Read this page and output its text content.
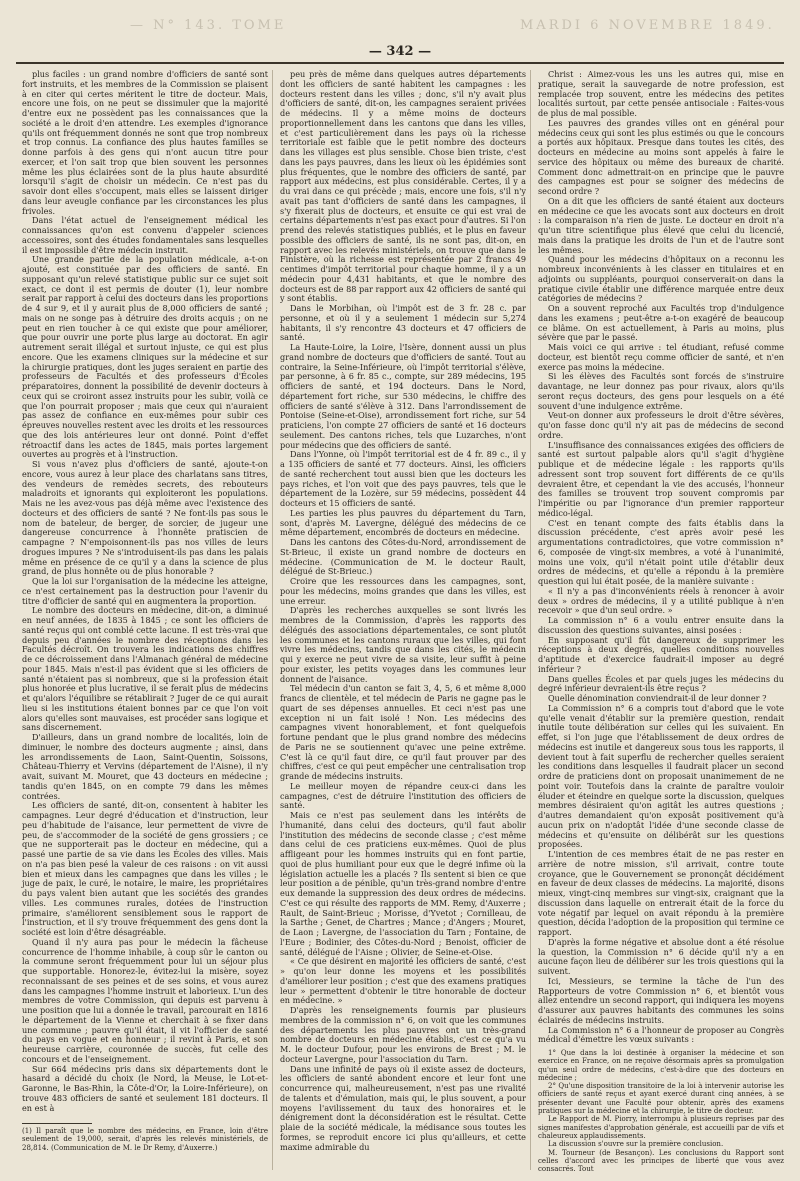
— N° 143. TOME	MARDI 6 NOVEMBRE 1849.
— 342 —

plus faciles : un grand nombre d'officiers de santé sont fort instruits, et les membres de la Commission se plaisent à en citer qui certes méritent le titre de docteur. Mais, encore une fois, on ne peut se dissimuler que la majorité d'entre eux ne possèdent pas les connaissances que la société a le droit d'en attendre. Les exemples d'ignorance qu'ils ont fréquemment donnés ne sont que trop nombreux et trop connus. La confiance des plus hautes familles se donne parfois à des gens qui n'ont aucun titre pour exercer, et l'on sait trop que bien souvent les personnes même les plus éclairées sont de la plus haute absurdité lorsqu'il s'agit de choisir un médecin. Ce n'est pas du savoir dont elles s'occupent, mais elles se laissent diriger dans leur aveugle confiance par les circonstances les plus frivoles.

Dans l'état actuel de l'enseignement médical les connaissances qu'on est convenu d'appeler sciences accessoires, sont des études fondamentales sans lesquelles il est impossible d'être médecin instruit.

Une grande partie de la population médicale, a-t-on ajouté, est constituée par des officiers de santé. En supposant qu'un relevé statistique public sur ce sujet soit exact, ce dont il est permis de douter (1), leur nombre serait par rapport à celui des docteurs dans les proportions de 4 sur 9, et il y aurait plus de 8,000 officiers de santé ; mais on ne songe pas à détruire des droits acquis ; on ne peut en rien toucher à ce qui existe que pour améliorer, que pour ouvrir une porte plus large au doctorat. En agir autrement serait illégal et surtout injuste, ce qui est plus encore. Que les examens cliniques sur la médecine et sur la chirurgie pratiques, dont les juges seraient en partie des professeurs de Facultés et des professeurs d'Écoles préparatoires, donnent la possibilité de devenir docteurs à ceux qui se croiront assez instruits pour les subir, voilà ce que l'on pourrait proposer ; mais que ceux qui n'auraient pas assez de confiance en eux-mêmes pour subir ces épreuves nouvelles restent avec les droits et les ressources que des lois antérieures leur ont donné. Point d'effet rétroactif dans les actes de 1845, mais portes largement ouvertes au progrès et à l'instruction.

Si vous n'avez plus d'officiers de santé, ajoute-t-on encore, vous aurez à leur place des charlatans sans titres, des vendeurs de remèdes secrets, des rebouteurs maladroits et ignorants qui exploiteront les populations. Mais ne les avez-vous pas déjà même avec l'existence des docteurs et des officiers de santé ? Ne font-ils pas sous le nom de bateleur, de berger, de sorcier, de jugeur une dangereuse concurrence à l'honnête pratiscien de campagne ? N'empoisonnent-ils pas nos villes de leurs drogues impures ? Ne s'introduisent-ils pas dans les palais même en présence de ce qu'il y a dans la science de plus grand, de plus honnête ou de plus honorable ?

Que la loi sur l'organisation de la médecine les atteigne, ce n'est certainement pas la destruction pour l'avenir du titre d'officier de santé qui en augmentera la proportion.

Le nombre des docteurs en médecine, dit-on, a diminué en neuf années, de 1835 à 1845 ; ce sont les officiers de santé reçus qui ont comblé cette lacune. Il est très-vrai que depuis peu d'années le nombre des réceptions dans les Facultés décroît. On trouvera les indications des chiffres de ce décroissement dans l'Almanach général de médecine pour 1845. Mais n'est-il pas évident que si les officiers de santé n'étaient pas si nombreux, que si la profession était plus honorée et plus lucrative, il se ferait plus de médecins et qu'alors l'équilibre se rétablirait ? Juger de ce qui aurait lieu si les institutions étaient bonnes par ce que l'on voit alors qu'elles sont mauvaises, est procéder sans logique et sans discernement.

D'ailleurs, dans un grand nombre de localités, loin de diminuer, le nombre des docteurs augmente ; ainsi, dans les arrondissements de Laon, Saint-Quentin, Soissons, Château-Thierry et Vervins (département de l'Aisne), il n'y avait, suivant M. Mouret, que 43 docteurs en médecine ; tandis qu'en 1845, on en compte 79 dans les mêmes contrées.

Les officiers de santé, dit-on, consentent à habiter les campagnes. Leur degré d'éducation et d'instruction, leur peu d'habitude de l'aisance, leur permettent de vivre de peu, de s'accommoder de la société de gens grossiers ; ce que ne supporterait pas le docteur en médecine, qui a passé une partie de sa vie dans les Écoles des villes. Mais on n'a pas bien pesé la valeur de ces raisons : on vit aussi bien et mieux dans les campagnes que dans les villes ; le juge de paix, le curé, le notaire, le maire, les propriétaires du pays valent bien autant que les sociétés des grandes villes. Les communes rurales, dotées de l'instruction primaire, s'améliorent sensiblement sous le rapport de l'instruction, et il s'y trouve fréquemment des gens dont la société est loin d'être désagréable.

Quand il n'y aura pas pour le médecin la fâcheuse concurrence de l'homme inhabile, à coup sûr le canton ou la commune seront fréquemment pour lui un séjour plus que supportable. Honorez-le, évitez-lui la misère, soyez reconnaissant de ses peines et de ses soins, et vous aurez dans les campagnes l'homme instruit et laborieux. L'un des membres de votre Commission, qui depuis est parvenu à une position que lui a donnée le travail, parcourait en 1816 le département de la Vienne et cherchait à se fixer dans une commune ; pauvre qu'il était, il vit l'officier de santé du pays en vogue et en honneur ; il revint à Paris, et son heureuse carrière, couronnée de succès, fut celle des concours et de l'enseignement.

Sur 664 médecins pris dans six départements dont le hasard a décidé du choix (le Nord, la Meuse, le Lot-et-Garonne, le Bas-Rhin, la Côte-d'Or, la Loire-Inférieure), on trouve 483 officiers de santé et seulement 181 docteurs. Il en est à

peu près de même dans quelques autres départements dont les officiers de santé habitent les campagnes : les docteurs restent dans les villes ; donc, s'il n'y avait plus d'officiers de santé, dit-on, les campagnes seraient privées de médecins. Il y a même moins de docteurs proportionnellement dans les cantons que dans les villes, et c'est particulièrement dans les pays où la richesse territoriale est faible que le petit nombre des docteurs dans les villages est plus sensible. Chose bien triste, c'est dans les pays pauvres, dans les lieux où les épidémies sont plus fréquentes, que le nombre des officiers de santé, par rapport aux médecins, est plus considérable. Certes, il y a du vrai dans ce qui précède ; mais, encore une fois, s'il n'y avait pas tant d'officiers de santé dans les campagnes, il s'y fixerait plus de docteurs, et ensuite ce qui est vrai de certains départements n'est pas exact pour d'autres. Si l'on prend des relevés statistiques publiés, et le plus en faveur possible des officiers de santé, ils ne sont pas, dit-on, en rapport avec les relevés ministériels, on trouve que dans le Finistère, où la richesse est représentée par 2 francs 49 centimes d'impôt territorial pour chaque homme, il y a un médecin pour 4,431 habitants, et que le nombre des docteurs est de 88 par rapport aux 42 officiers de santé qui y sont établis.

Dans le Morbihan, où l'impôt est de 3 fr. 28 c. par personne, et où il y a seulement 1 médecin sur 5,274 habitants, il s'y rencontre 43 docteurs et 47 officiers de santé.

La Haute-Loire, la Loire, l'Isère, donnent aussi un plus grand nombre de docteurs que d'officiers de santé. Tout au contraire, la Seine-Inférieure, où l'impôt territorial s'élève, par personne, à 6 fr. 85 c., compte, sur 289 médecins, 195 officiers de santé, et 194 docteurs. Dans le Nord, département fort riche, sur 530 médecins, le chiffre des officiers de santé s'élève à 312. Dans l'arrondissement de Pontoise (Seine-et-Oise), arrondissement fort riche, sur 54 praticiens, l'on compte 27 officiers de santé et 16 docteurs seulement. Des cantons riches, tels que Luzarches, n'ont pour médecins que des officiers de santé.

Dans l'Yonne, où l'impôt territorial est de 4 fr. 89 c., il y a 135 officiers de santé et 77 docteurs. Ainsi, les officiers de santé recherchent tout aussi bien que les docteurs les pays riches, et l'on voit que des pays pauvres, tels que le département de la Lozère, sur 59 médecins, possèdent 44 docteurs et 15 officiers de santé.

Les parties les plus pauvres du département du Tarn, sont, d'après M. Lavergne, délégué des médecins de ce même département, encombrés de docteurs en médecine.

Dans les cantons des Côtes-du-Nord, arrondissement de St-Brieuc, il existe un grand nombre de docteurs en médecine. (Communication de M. le docteur Rault, délégué de St-Brieuc.)

Croire que les ressources dans les campagnes, sont, pour les médecins, moins grandes que dans les villes, est une erreur.

D'après les recherches auxquelles se sont livrés les membres de la Commission, d'après les rapports des délégués des associations départementales, ce sont plutôt les communes et les cantons ruraux que les villes, qui font vivre les médecins, tandis que dans les cités, le médecin qui y exerce ne peut vivre de sa visite, leur suffit à peine pour exister, les petits voyages dans les communes leur donnent de l'aisance.

Tel médecin d'un canton se fait 3, 4, 5, 6 et même 8,000 francs de clientèle, et tel médecin de Paris ne gagne pas le quart de ses dépenses annuelles. Et ceci n'est pas une exception ni un fait isolé ! Non. Les médecins des campagnes vivent honorablement, et font quelquefois fortune pendant que le plus grand nombre des médecins de Paris ne se soutiennent qu'avec une peine extrême. C'est là ce qu'il faut dire, ce qu'il faut prouver par des chiffres, c'est ce qui peut empêcher une centralisation trop grande de médecins instruits.

Le meilleur moyen de répandre ceux-ci dans les campagnes, c'est de détruire l'institution des officiers de santé.

Mais ce n'est pas seulement dans les intérêts de l'humanité, dans celui des docteurs, qu'il faut abolir l'institution des médecins de seconde classe ; c'est même dans celui de ces praticiens eux-mêmes. Quoi de plus affligeant pour les hommes instruits qui en font partie, quoi de plus humiliant pour eux que le degré infime où la législation actuelle les a placés ? Ils sentent si bien ce que leur position a de pénible, qu'un très-grand nombre d'entre eux demande la suppression des deux ordres de médecins. C'est ce qui résulte des rapports de MM. Remy, d'Auxerre ; Rault, de Saint-Brieuc ; Morisse, d'Yvetot ; Cornilleau, de la Sarthe ; Genet, de Chartres ; Mance ; d'Angers ; Mouret, de Laon ; Lavergne, de l'association du Tarn ; Fontaine, de l'Eure ; Bodinier, des Côtes-du-Nord ; Benoist, officier de santé, délégué de l'Aisne ; Olivier, de Seine-et-Oise.

« Ce que désirent en majorité les officiers de santé, c'est » qu'on leur donne les moyens et les possibilités d'améliorer leur position ; c'est que des examens pratiques leur » permettent d'obtenir le titre honorable de docteur en médecine. »

D'après les renseignements fournis par plusieurs membres de la commission n° 6, on voit que les communes des départements les plus pauvres ont un très-grand nombre de docteurs en médecine établis, c'est ce qu'a vu M. le docteur Dufour, pour les environs de Brest ; M. le docteur Lavergne, pour l'association du Tarn.

Dans une infinité de pays où il existe assez de docteurs, les officiers de santé abondent encore et leur font une concurrence qui, malheureusement, n'est pas une rivalité de talents et d'émulation, mais qui, le plus souvent, a pour moyens l'avilissement du taux des honoraires et le dénigrement dont la déconsidération est le résultat. Cette plaie de la société médicale, la médisance sous toutes les formes, se reproduit encore ici plus qu'ailleurs, et cette maxime admirable du

Christ : Aimez-vous les uns les autres qui, mise en pratique, serait la sauvegarde de notre profession, est remplacée trop souvent, entre les médecins des petites localités surtout, par cette pensée antisociale : Faites-vous de plus de mal possible.

Les pauvres des grandes villes ont en général pour médecins ceux qui sont les plus estimés ou que le concours a portés aux hôpitaux. Presque dans toutes les cités, des docteurs en médecine au moins sont appelés à faire le service des hôpitaux ou même des bureaux de charité. Comment donc admettrait-on en principe que le pauvre des campagnes est pour se soigner des médecins de second ordre ?

On a dit que les officiers de santé étaient aux docteurs en médecine ce que les avocats sont aux docteurs en droit : la comparaison n'a rien de juste. Le docteur en droit n'a qu'un titre scientifique plus élevé que celui du licencié, mais dans la pratique les droits de l'un et de l'autre sont les mêmes.

Quand pour les médecins d'hôpitaux on a reconnu les nombreux inconvénients à les classer en titulaires et en adjoints ou suppléants, pourquoi conserverait-on dans la pratique civile établir une différence marquée entre deux catégories de médecins ?

On a souvent reproché aux Facultés trop d'indulgence dans les examens ; peut-être a-t-on exagéré de beaucoup ce blâme. On est actuellement, à Paris au moins, plus sévère que par le passé.

Mais voici ce qui arrive : tel étudiant, refusé comme docteur, est bientôt reçu comme officier de santé, et n'en exerce pas moins la médecine.

Si les élèves des Facultés sont forcés de s'instruire davantage, ne leur donnez pas pour rivaux, alors qu'ils seront reçus docteurs, des gens pour lesquels on a été souvent d'une indulgence extrême.

Veut-on donner aux professeurs le droit d'être sévères, qu'on fasse donc qu'il n'y ait pas de médecins de second ordre.

L'insuffisance des connaissances exigées des officiers de santé est surtout palpable alors qu'il s'agit d'hygiène publique et de médecine légale : les rapports qu'ils adressent sont trop souvent fort différents de ce qu'ils devraient être, et cependant la vie des accusés, l'honneur des familles se trouvent trop souvent compromis par l'impéritie ou par l'ignorance d'un premier rapporteur médico-légal.

C'est en tenant compte des faits établis dans la discussion précédente, c'est après avoir pesé les argumentations contradictoires, que votre commission n° 6, composée de vingt-six membres, a voté à l'unanimité, moins une voix, qu'il n'était point utile d'établir deux ordres de médecins, et qu'elle a répondu à la première question qui lui était posée, de la manière suivante :

« Il n'y a pas d'inconvénients réels à renoncer à avoir deux » ordres de médecins, il y a utilité publique à n'en recevoir » que d'un seul ordre. »

La commission n° 6 a voulu entrer ensuite dans la discussion des questions suivantes, ainsi posées :

En supposant qu'il fût dangereux de supprimer les réceptions à deux degrés, quelles conditions nouvelles d'aptitude et d'exercice faudrait-il imposer au degré inférieur ?

Dans quelles Écoles et par quels juges les médecins du degré inférieur devraient-ils être reçus ?

Quelle dénomination conviendrait-il de leur donner ?

La Commission n° 6 a compris tout d'abord que le vote qu'elle venait d'établir sur la première question, rendait inutile toute délibération sur celles qui les suivaient. En effet, si l'on juge que l'établissement de deux ordres de médecins est inutile et dangereux sous tous les rapports, il devient tout à fait superflu de rechercher quelles seraient les conditions dans lesquelles il faudrait placer un second ordre de praticiens dont on proposait unanimement de ne point voir. Toutefois dans la crainte de paraître vouloir éluder et éteindre en quelque sorte la discussion, quelques membres désiraient qu'on agitât les autres questions ; d'autres demandaient qu'on exposât positivement qu'à aucun prix on n'adoptât l'idée d'une seconde classe de médecins et qu'ensuite on délibérât sur les questions proposées.

L'intention de ces membres était de ne pas rester en arrière de notre mission, s'il arrivait, contre toute croyance, que le Gouvernement se prononçât décidément en faveur de deux classes de médecins. La majorité, disons mieux, vingt-cinq membres sur vingt-six, craignant que la discussion dans laquelle on entrerait était de la force du vote négatif par lequel on avait répondu à la première question, décida l'adoption de la proposition qui termine ce rapport.

D'après la forme négative et absolue dont a été résolue la question, la Commission n° 6 décide qu'il n'y a en aucune façon lieu de délibérer sur les trois questions qui la suivent.

Ici, Messieurs, se termine la tâche de l'un des Rapporteurs de votre Commission n° 6, et bientôt vous allez entendre un second rapport, qui indiquera les moyens d'assurer aux pauvres habitants des communes les soins éclairés de médecins instruits.

La Commission n° 6 a l'honneur de proposer au Congrès médical d'émettre les vœux suivants :

1° Que dans la loi destinée à organiser la médecine et son exercice en France, on ne reçoive désormais après sa promulgation qu'un seul ordre de médecins, c'est-à-dire que des docteurs en médecine ;

2° Qu'une disposition transitoire de la loi à intervenir autorise les officiers de santé reçus et ayant exercé durant cinq années, à se présenter devant une Faculté pour obtenir, après des examens pratiques sur la médecine et la chirurgie, le titre de docteur.

Le Rapport de M. Piorry, interrompu à plusieurs reprises par des signes manifestes d'approbation générale, est accueilli par de vifs et chaleureux applaudissements.

La discussion s'ouvre sur la première conclusion.

M. Tourneur (de Besançon). Les conclusions du Rapport sont celles d'accord avec les principes de liberté que vous avez consacrés. Tout

(1) Il paraît que le nombre des médecins, en France, loin d'être seulement de 19,000, serait, d'après les relevés ministériels, de 28,814. (Communication de M. le Dr Remy, d'Auxerre.)
